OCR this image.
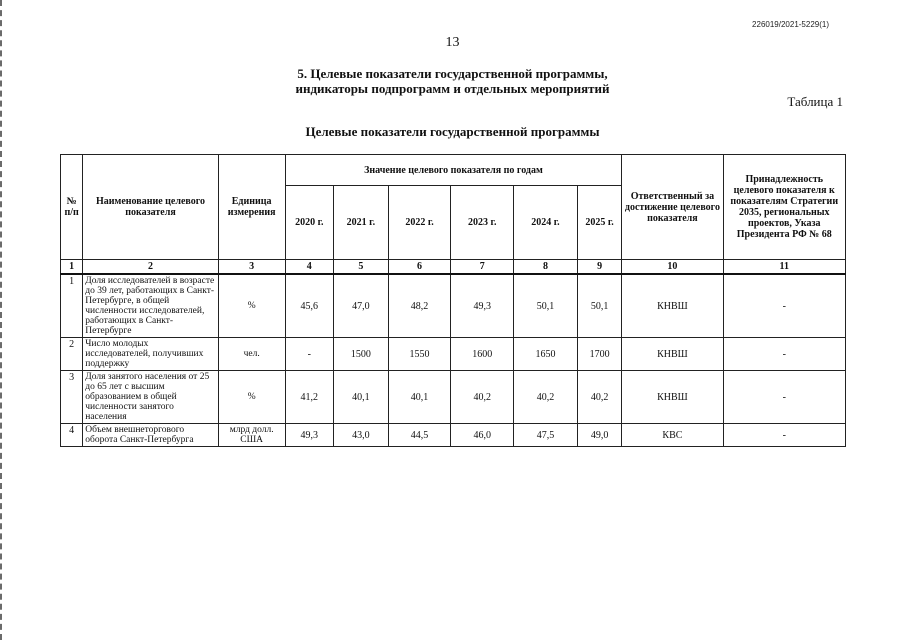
226019/2021-5229(1)
13
5. Целевые показатели государственной программы,
индикаторы подпрограмм и отдельных мероприятий
Таблица 1
Целевые показатели государственной программы
№ п/п	Наименование целевого показателя	Единица измерения	Значение целевого показателя по годам						Ответственный за достижение целевого показателя	Принадлежность целевого показателя к показателям Стратегии 2035, региональных проектов, Указа Президента РФ № 68
			2020 г.	2021 г.	2022 г.	2023 г.	2024 г.	2025 г.		
1	2	3	4	5	6	7	8	9	10	11
1	Доля исследователей в возрасте до 39 лет, работающих в Санкт-Петербурге, в общей численности исследователей, работающих в Санкт-Петербурге	%	45,6	47,0	48,2	49,3	50,1	50,1	КНВШ	-
2	Число молодых исследователей, получивших поддержку	чел.	-	1500	1550	1600	1650	1700	КНВШ	-
3	Доля занятого населения от 25 до 65 лет с высшим образованием в общей численности занятого населения	%	41,2	40,1	40,1	40,2	40,2	40,2	КНВШ	-
4	Объем внешнеторгового оборота Санкт-Петербурга	млрд долл. США	49,3	43,0	44,5	46,0	47,5	49,0	КВС	-
